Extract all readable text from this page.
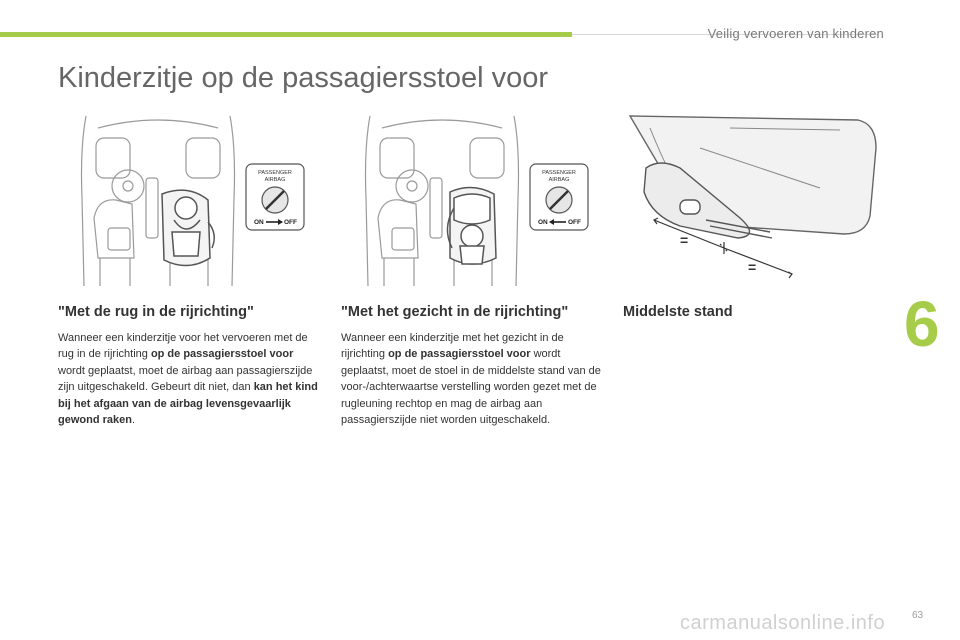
Veilig vervoeren van kinderen
Kinderzitje op de passagiersstoel voor
PASSENGER
AIRBAG
ON	OFF
PASSENGER
AIRBAG
ON	OFF
=
=
"Met de rug in de rijrichting"	"Met het gezicht in de rijrichting"	Middelste stand

Wanneer een kinderzitje voor het vervoeren met de rug in de rijrichting op de passagiersstoel voor wordt geplaatst, moet de airbag aan passagierszijde zijn uitgeschakeld. Gebeurt dit niet, dan kan het kind bij het afgaan van de airbag levensgevaarlijk gewond raken.

Wanneer een kinderzitje met het gezicht in de rijrichting op de passagiersstoel voor wordt geplaatst, moet de stoel in de middelste stand van de voor-/achterwaartse verstelling worden gezet met de rugleuning rechtop en mag de airbag aan passagierszijde niet worden uitgeschakeld.

6
carmanualsonline.info	63
